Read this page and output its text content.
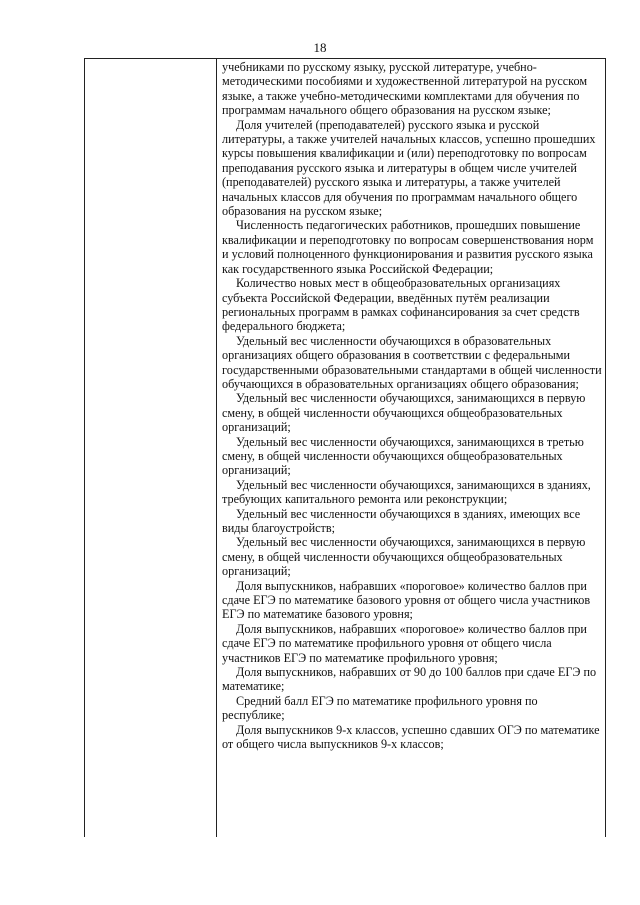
18

учебниками по русскому языку, русской литературе, учебно-методическими пособиями и художественной литературой на русском языке, а также учебно-методическими комплектами для обучения по программам начального общего образования на русском языке;

Доля учителей (преподавателей) русского языка и русской литературы, а также учителей начальных классов, успешно прошедших курсы повышения квалификации и (или) переподготовку по вопросам преподавания русского языка и литературы в общем числе учителей (преподавателей) русского языка и литературы, а также учителей начальных классов для обучения по программам начального общего образования на русском языке;

Численность педагогических работников, прошедших повышение квалификации и переподготовку по вопросам совершенствования норм и условий полноценного функционирования и развития русского языка как государственного языка Российской Федерации;

Количество новых мест в общеобразовательных организациях субъекта Российской Федерации, введённых путём реализации региональных программ в рамках софинансирования за счет средств федерального бюджета;

Удельный вес численности обучающихся в образовательных организациях общего образования в соответствии с федеральными государственными образовательными стандартами в общей численности обучающихся в образовательных организациях общего образования;

Удельный вес численности обучающихся, занимающихся в первую смену, в общей численности обучающихся общеобразовательных организаций;

Удельный вес численности обучающихся, занимающихся в третью смену, в общей численности обучающихся общеобразовательных организаций;

Удельный вес численности обучающихся, занимающихся в зданиях, требующих капитального ремонта или реконструкции;

Удельный вес численности обучающихся в зданиях, имеющих все виды благоустройств;

Удельный вес численности обучающихся, занимающихся в первую смену, в общей численности обучающихся общеобразовательных организаций;

Доля выпускников, набравших «пороговое» количество баллов при сдаче ЕГЭ по математике базового уровня от общего числа участников ЕГЭ по математике базового уровня;

Доля выпускников, набравших «пороговое» количество баллов при сдаче ЕГЭ по математике профильного уровня от общего числа участников ЕГЭ по математике профильного уровня;

Доля выпускников, набравших от 90 до 100 баллов при сдаче ЕГЭ по математике;

Средний балл ЕГЭ по математике профильного уровня по республике;

Доля выпускников 9-х классов, успешно сдавших ОГЭ по математике от общего числа выпускников 9-х классов;
